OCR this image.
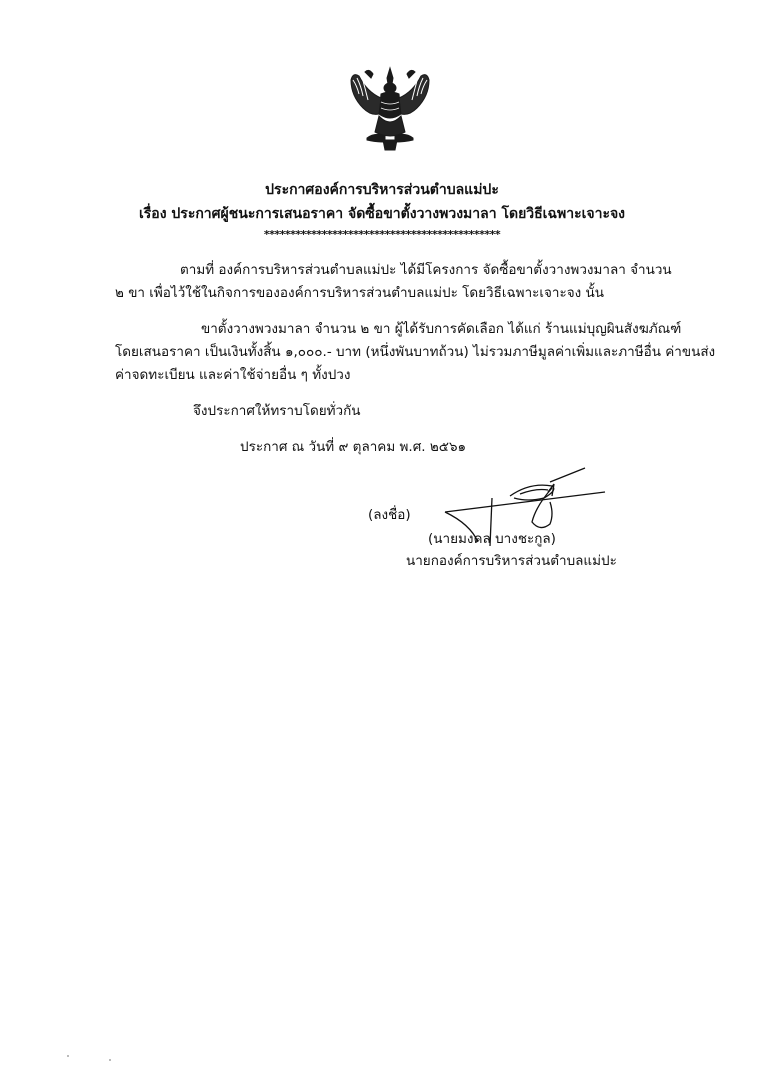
ประกาศองค์การบริหารส่วนตำบลแม่ปะ
เรื่อง ประกาศผู้ชนะการเสนอราคา จัดซื้อขาตั้งวางพวงมาลา โดยวิธีเฉพาะเจาะจง
*********************************************
ตามที่ องค์การบริหารส่วนตำบลแม่ปะ ได้มีโครงการ จัดซื้อขาตั้งวางพวงมาลา จำนวน
๒ ขา เพื่อไว้ใช้ในกิจการขององค์การบริหารส่วนตำบลแม่ปะ โดยวิธีเฉพาะเจาะจง นั้น
ขาตั้งวางพวงมาลา จำนวน ๒ ขา ผู้ได้รับการคัดเลือก ได้แก่ ร้านแม่บุญผินสังฆภัณฑ์
โดยเสนอราคา เป็นเงินทั้งสิ้น ๑,๐๐๐.- บาท (หนึ่งพันบาทถ้วน) ไม่รวมภาษีมูลค่าเพิ่มและภาษีอื่น ค่าขนส่ง
ค่าจดทะเบียน และค่าใช้จ่ายอื่น ๆ ทั้งปวง
จึงประกาศให้ทราบโดยทั่วกัน
ประกาศ ณ วันที่ ๙ ตุลาคม พ.ศ. ๒๕๖๑
(ลงชื่อ)
(นายมงคล บางชะกูล)
นายกองค์การบริหารส่วนตำบลแม่ปะ
